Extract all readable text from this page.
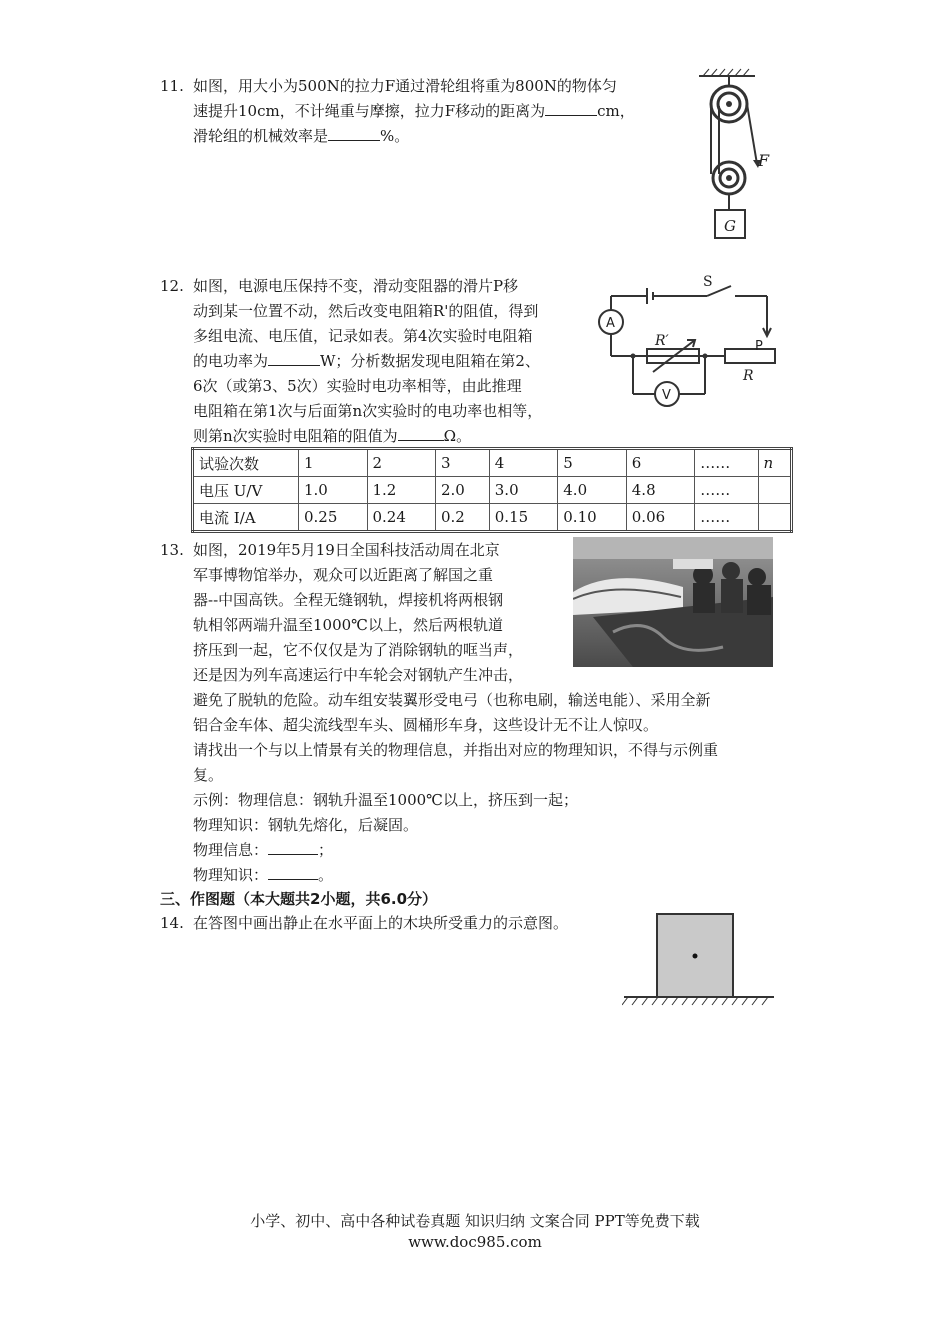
11. 如图，用大小为500N的拉力F通过滑轮组将重为800N的物体匀
速提升10cm，不计绳重与摩擦，拉力F移动的距离为	cm，
滑轮组的机械效率是	%。
F
G
12. 如图，电源电压保持不变，滑动变阻器的滑片P移
动到某一位置不动，然后改变电阻箱R'的阻值，得到
多组电流、电压值，记录如表。第4次实验时电阻箱
的电功率为	W；分析数据发现电阻箱在第2、
6次（或第3、5次）实验时电功率相等，由此推理
电阻箱在第1次与后面第n次实验时的电功率也相等，
则第n次实验时电阻箱的阻值为	Ω。
S
A
V
R′	P
R
试验次数	1	2	3	4	5	6	……	n
电压 U/V	1.0	1.2	2.0	3.0	4.0	4.8	……	
电流 I/A	0.25	0.24	0.2	0.15	0.10	0.06	……	
13. 如图，2019年5月19日全国科技活动周在北京
军事博物馆举办，观众可以近距离了解国之重
器--中国高铁。全程无缝钢轨，焊接机将两根钢
轨相邻两端升温至1000℃以上，然后两根轨道
挤压到一起，它不仅仅是为了消除钢轨的哐当声，
还是因为列车高速运行中车轮会对钢轨产生冲击，
避免了脱轨的危险。动车组安装翼形受电弓（也称电刷，输送电能）、采用全新
铝合金车体、超尖流线型车头、圆桶形车身，这些设计无不让人惊叹。
请找出一个与以上情景有关的物理信息，并指出对应的物理知识，不得与示例重
复。
示例：物理信息：钢轨升温至1000℃以上，挤压到一起；
物理知识：钢轨先熔化，后凝固。
物理信息：	；
物理知识：	。
三、作图题（本大题共2小题，共6.0分）
14. 在答图中画出静止在水平面上的木块所受重力的示意图。
小学、初中、高中各种试卷真题 知识归纳 文案合同 PPT等免费下载
www.doc985.com
